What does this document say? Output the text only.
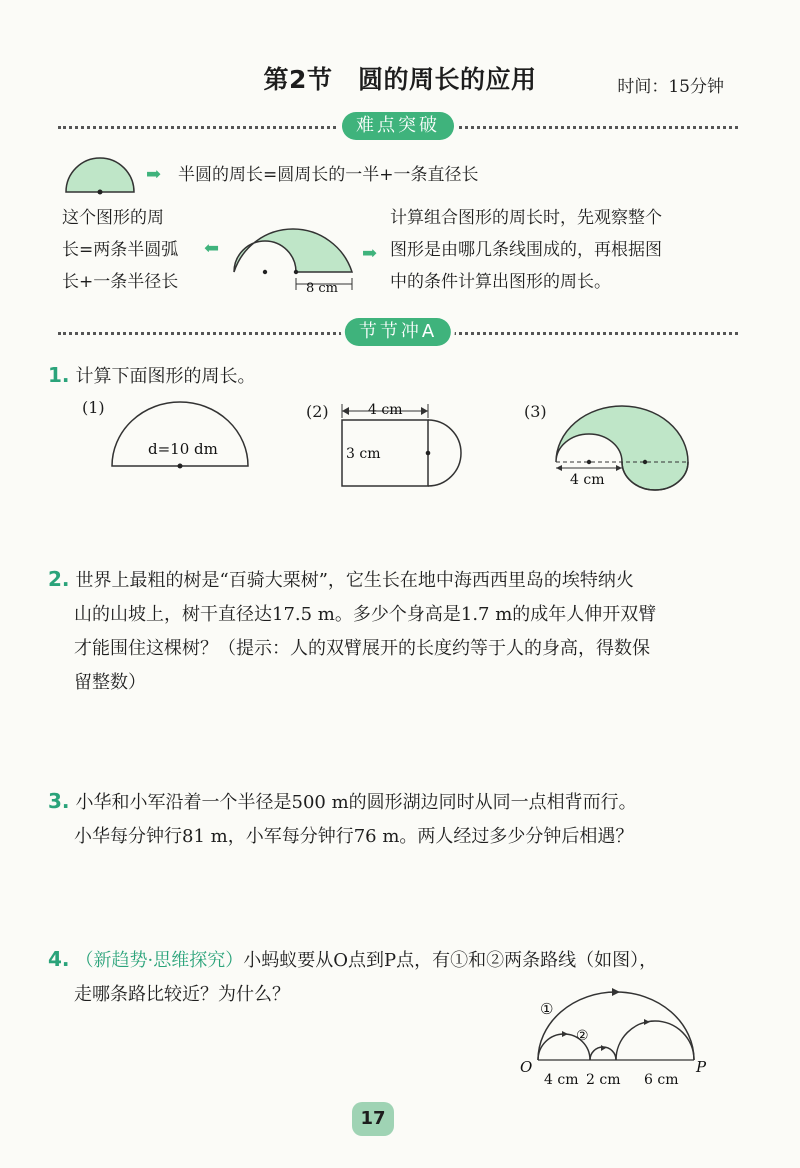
第2节　圆的周长的应用	时间：15分钟
难点突破
➡ 半圆的周长=圆周长的一半+一条直径长
这个图形的周
长=两条半圆弧
长+一条半径长
⬅
8 cm
➡
计算组合图形的周长时，先观察整个
图形是由哪几条线围成的，再根据图
中的条件计算出图形的周长。
节节冲A
1. 计算下面图形的周长。
(1)
d=10 dm
(2)	4 cm
3 cm
(3)
4 cm
2. 世界上最粗的树是“百骑大栗树”，它生长在地中海西西里岛的埃特纳火
山的山坡上，树干直径达17.5 m。多少个身高是1.7 m的成年人伸开双臂
才能围住这棵树？（提示：人的双臂展开的长度约等于人的身高，得数保
留整数）
3. 小华和小军沿着一个半径是500 m的圆形湖边同时从同一点相背而行。
小华每分钟行81 m，小军每分钟行76 m。两人经过多少分钟后相遇？
4. （新趋势·思维探究）小蚂蚁要从O点到P点，有①和②两条路线（如图），
走哪条路比较近？为什么？
①
②
O	P
4 cm 2 cm 6 cm
17
